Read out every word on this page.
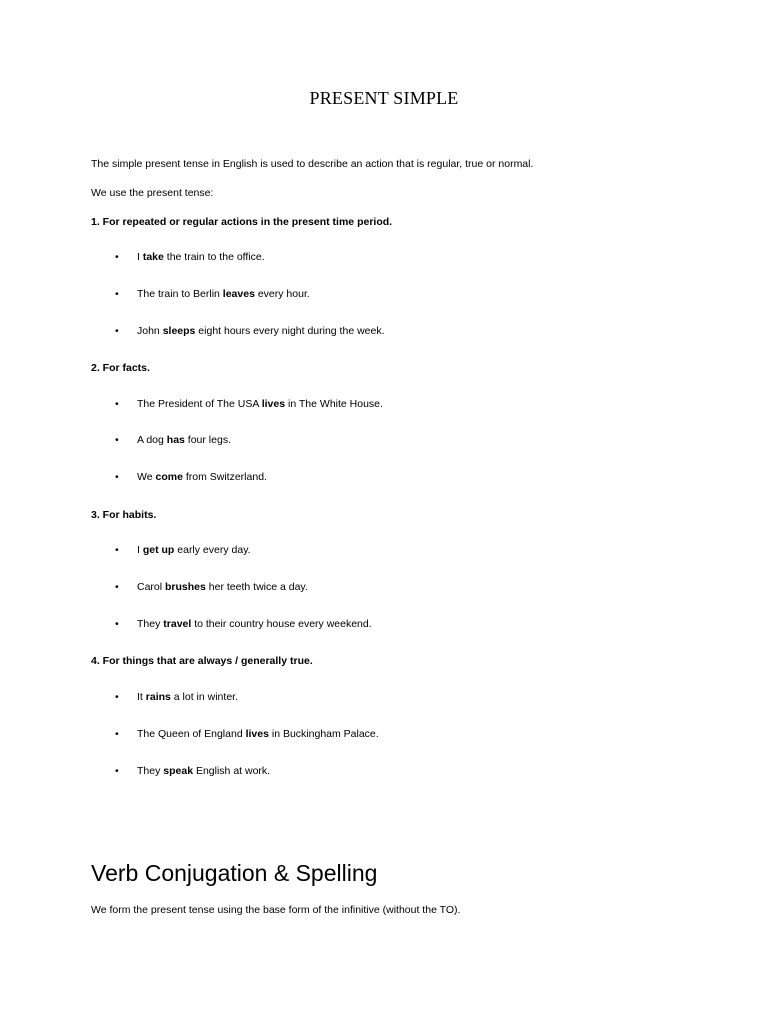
PRESENT SIMPLE
The simple present tense in English is used to describe an action that is regular, true or normal.
We use the present tense:
1. For repeated or regular actions in the present time period.
• I take the train to the office.
• The train to Berlin leaves every hour.
• John sleeps eight hours every night during the week.
2. For facts.
• The President of The USA lives in The White House.
• A dog has four legs.
• We come from Switzerland.
3. For habits.
• I get up early every day.
• Carol brushes her teeth twice a day.
• They travel to their country house every weekend.
4. For things that are always / generally true.
• It rains a lot in winter.
• The Queen of England lives in Buckingham Palace.
• They speak English at work.
Verb Conjugation & Spelling
We form the present tense using the base form of the infinitive (without the TO).
